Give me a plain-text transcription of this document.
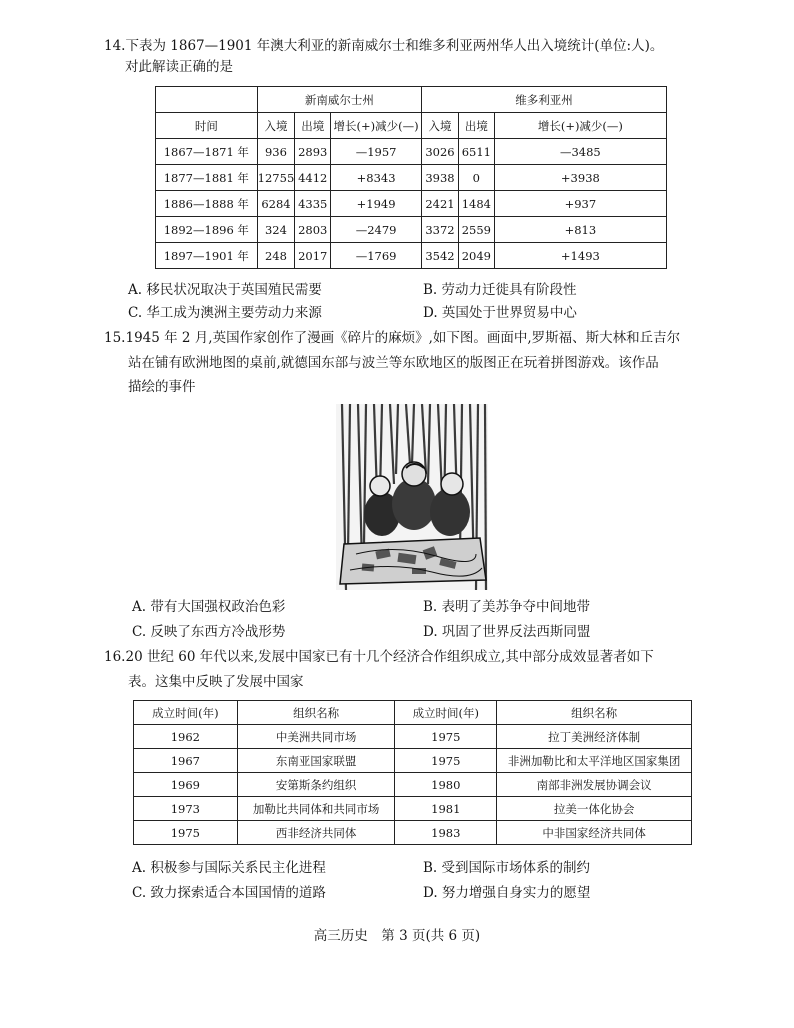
14.下表为 1867—1901 年澳大利亚的新南威尔士和维多利亚两州华人出入境统计(单位:人)。
对此解读正确的是
	新南威尔士州			维多利亚州		
时间	入境	出境	增长(+)减少(—)	入境	出境	增长(+)减少(—)
1867—1871 年	936	2893	—1957	3026	6511	—3485
1877—1881 年	12755	4412	+8343	3938	0	+3938
1886—1888 年	6284	4335	+1949	2421	1484	+937
1892—1896 年	324	2803	—2479	3372	2559	+813
1897—1901 年	248	2017	—1769	3542	2049	+1493
A. 移民状况取决于英国殖民需要	B. 劳动力迁徙具有阶段性
C. 华工成为澳洲主要劳动力来源	D. 英国处于世界贸易中心
15.1945 年 2 月,英国作家创作了漫画《碎片的麻烦》,如下图。画面中,罗斯福、斯大林和丘吉尔
站在铺有欧洲地图的桌前,就德国东部与波兰等东欧地区的版图正在玩着拼图游戏。该作品
描绘的事件
A. 带有大国强权政治色彩	B. 表明了美苏争夺中间地带
C. 反映了东西方冷战形势	D. 巩固了世界反法西斯同盟
16.20 世纪 60 年代以来,发展中国家已有十几个经济合作组织成立,其中部分成效显著者如下
表。这集中反映了发展中国家
成立时间(年)	组织名称	成立时间(年)	组织名称
1962	中美洲共同市场	1975	拉丁美洲经济体制
1967	东南亚国家联盟	1975	非洲加勒比和太平洋地区国家集团
1969	安第斯条约组织	1980	南部非洲发展协调会议
1973	加勒比共同体和共同市场	1981	拉美一体化协会
1975	西非经济共同体	1983	中非国家经济共同体
A. 积极参与国际关系民主化进程	B. 受到国际市场体系的制约
C. 致力探索适合本国国情的道路	D. 努力增强自身实力的愿望
高三历史　第 3 页(共 6 页)
